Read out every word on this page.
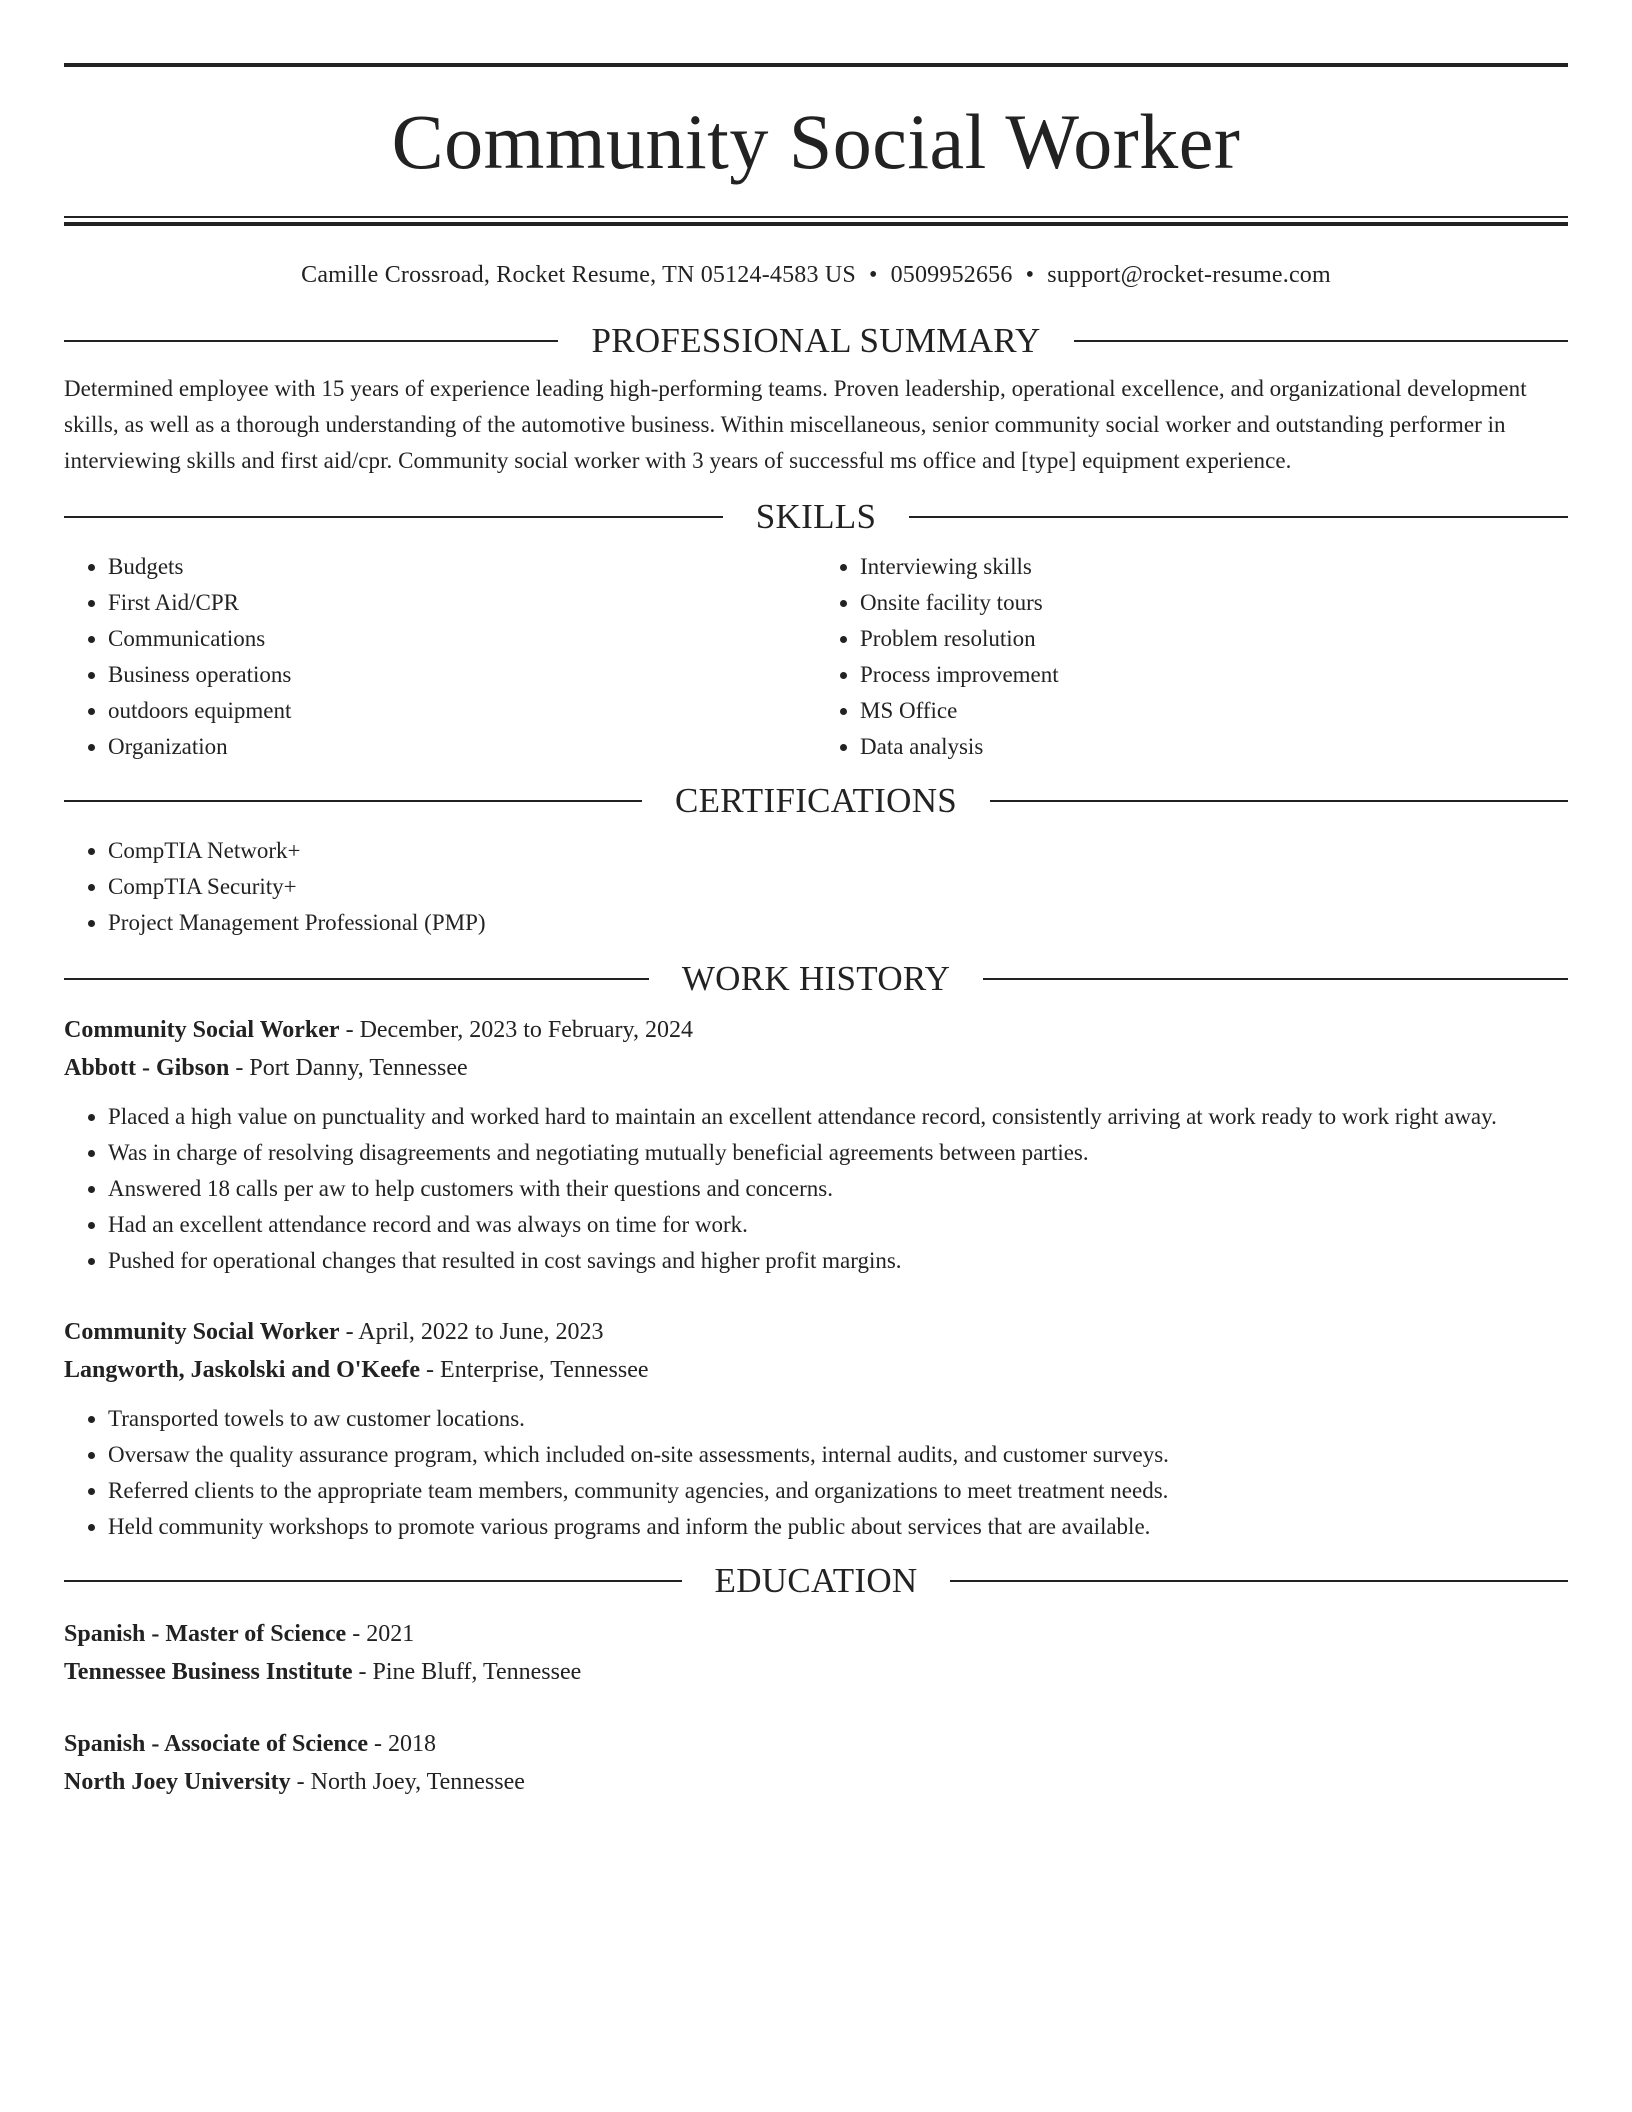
Community Social Worker
Camille Crossroad, Rocket Resume, TN 05124-4583 US • 0509952656 • support@rocket-resume.com
PROFESSIONAL SUMMARY

Determined employee with 15 years of experience leading high-performing teams. Proven leadership, operational excellence, and organizational development skills, as well as a thorough understanding of the automotive business. Within miscellaneous, senior community social worker and outstanding performer in interviewing skills and first aid/cpr. Community social worker with 3 years of successful ms office and [type] equipment experience.

SKILLS
• Budgets
• First Aid/CPR
• Communications
• Business operations
• outdoors equipment
• Organization
• Interviewing skills
• Onsite facility tours
• Problem resolution
• Process improvement
• MS Office
• Data analysis
CERTIFICATIONS
• CompTIA Network+
• CompTIA Security+
• Project Management Professional (PMP)
WORK HISTORY
Community Social Worker - December, 2023 to February, 2024
Abbott - Gibson - Port Danny, Tennessee
• Placed a high value on punctuality and worked hard to maintain an excellent attendance record, consistently arriving at work ready to work right away.
• Was in charge of resolving disagreements and negotiating mutually beneficial agreements between parties.
• Answered 18 calls per aw to help customers with their questions and concerns.
• Had an excellent attendance record and was always on time for work.
• Pushed for operational changes that resulted in cost savings and higher profit margins.
Community Social Worker - April, 2022 to June, 2023
Langworth, Jaskolski and O'Keefe - Enterprise, Tennessee
• Transported towels to aw customer locations.
• Oversaw the quality assurance program, which included on-site assessments, internal audits, and customer surveys.
• Referred clients to the appropriate team members, community agencies, and organizations to meet treatment needs.
• Held community workshops to promote various programs and inform the public about services that are available.
EDUCATION
Spanish - Master of Science - 2021
Tennessee Business Institute - Pine Bluff, Tennessee
Spanish - Associate of Science - 2018
North Joey University - North Joey, Tennessee
